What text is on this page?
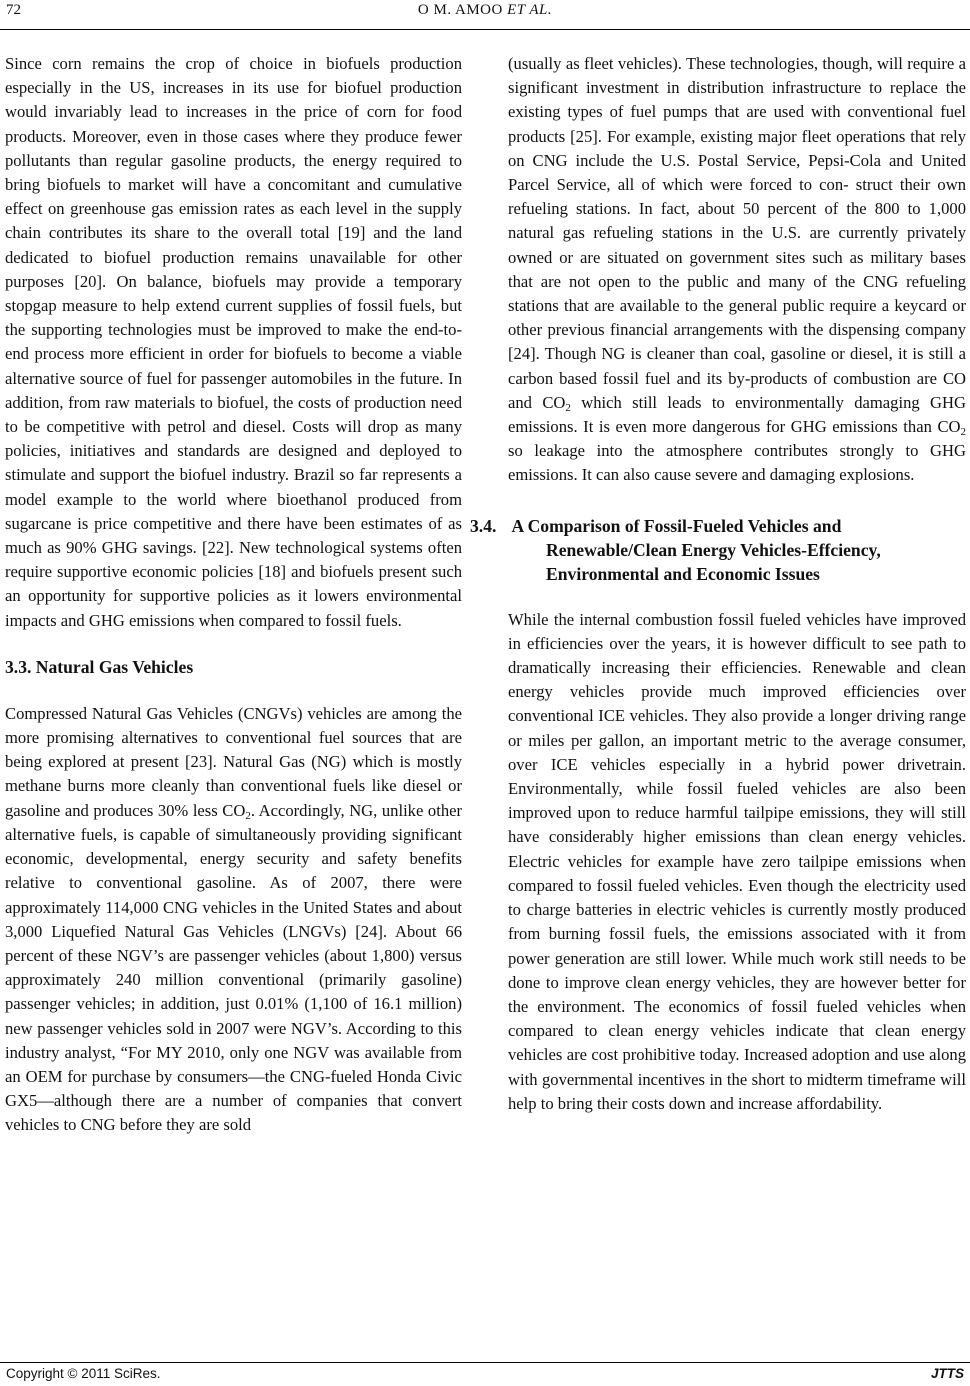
72	O M. AMOO ET AL.

Since corn remains the crop of choice in biofuels production especially in the US, increases in its use for biofuel production would invariably lead to increases in the price of corn for food products. Moreover, even in those cases where they produce fewer pollutants than regular gasoline products, the energy required to bring biofuels to market will have a concomitant and cumulative effect on greenhouse gas emission rates as each level in the supply chain contributes its share to the overall total [19] and the land dedicated to biofuel production remains unavailable for other purposes [20]. On balance, biofuels may provide a temporary stopgap measure to help extend current supplies of fossil fuels, but the supporting technologies must be improved to make the end-to-end process more efficient in order for biofuels to become a viable alternative source of fuel for passenger automobiles in the future. In addition, from raw materials to biofuel, the costs of production need to be competitive with petrol and diesel. Costs will drop as many policies, initiatives and standards are designed and deployed to stimulate and support the biofuel industry. Brazil so far represents a model example to the world where bioethanol produced from sugarcane is price competitive and there have been estimates of as much as 90% GHG savings. [22]. New technological systems often require supportive economic policies [18] and biofuels present such an opportunity for supportive policies as it lowers environmental impacts and GHG emissions when compared to fossil fuels.

3.3. Natural Gas Vehicles

Compressed Natural Gas Vehicles (CNGVs) vehicles are among the more promising alternatives to conventional fuel sources that are being explored at present [23]. Natural Gas (NG) which is mostly methane burns more cleanly than conventional fuels like diesel or gasoline and produces 30% less $CO_2$. Accordingly, NG, unlike other alternative fuels, is capable of simultaneously providing significant economic, developmental, energy security and safety benefits relative to conventional gasoline. As of 2007, there were approximately 114,000 CNG vehicles in the United States and about 3,000 Liquefied Natural Gas Vehicles (LNGVs) [24]. About 66 percent of these NGV’s are passenger vehicles (about 1,800) versus approximately 240 million conventional (primarily gasoline) passenger vehicles; in addition, just 0.01% (1,100 of 16.1 million) new passenger vehicles sold in 2007 were NGV’s. According to this industry analyst, “For MY 2010, only one NGV was available from an OEM for purchase by consumers—the CNG-fueled Honda Civic GX5—although there are a number of companies that convert vehicles to CNG before they are sold

(usually as fleet vehicles). These technologies, though, will require a significant investment in distribution infrastructure to replace the existing types of fuel pumps that are used with conventional fuel products [25]. For example, existing major fleet operations that rely on CNG include the U.S. Postal Service, Pepsi-Cola and United Parcel Service, all of which were forced to con- struct their own refueling stations. In fact, about 50 percent of the 800 to 1,000 natural gas refueling stations in the U.S. are currently privately owned or are situated on government sites such as military bases that are not open to the public and many of the CNG refueling stations that are available to the general public require a keycard or other previous financial arrangements with the dispensing company [24]. Though NG is cleaner than coal, gasoline or diesel, it is still a carbon based fossil fuel and its by-products of combustion are CO and $CO_2$ which still leads to environmentally damaging GHG emissions. It is even more dangerous for GHG emissions than $CO_2$ so leakage into the atmosphere contributes strongly to GHG emissions. It can also cause severe and damaging explosions.

3.4. A Comparison of Fossil-Fueled Vehicles and Renewable/Clean Energy Vehicles-Effciency, Environmental and Economic Issues

While the internal combustion fossil fueled vehicles have improved in efficiencies over the years, it is however difficult to see path to dramatically increasing their efficiencies. Renewable and clean energy vehicles provide much improved efficiencies over conventional ICE vehicles. They also provide a longer driving range or miles per gallon, an important metric to the average consumer, over ICE vehicles especially in a hybrid power drivetrain. Environmentally, while fossil fueled vehicles are also been improved upon to reduce harmful tailpipe emissions, they will still have considerably higher emissions than clean energy vehicles. Electric vehicles for example have zero tailpipe emissions when compared to fossil fueled vehicles. Even though the electricity used to charge batteries in electric vehicles is currently mostly produced from burning fossil fuels, the emissions associated with it from power generation are still lower. While much work still needs to be done to improve clean energy vehicles, they are however better for the environment. The economics of fossil fueled vehicles when compared to clean energy vehicles indicate that clean energy vehicles are cost prohibitive today. Increased adoption and use along with governmental incentives in the short to midterm timeframe will help to bring their costs down and increase affordability.

Copyright © 2011 SciRes.	JTTS
